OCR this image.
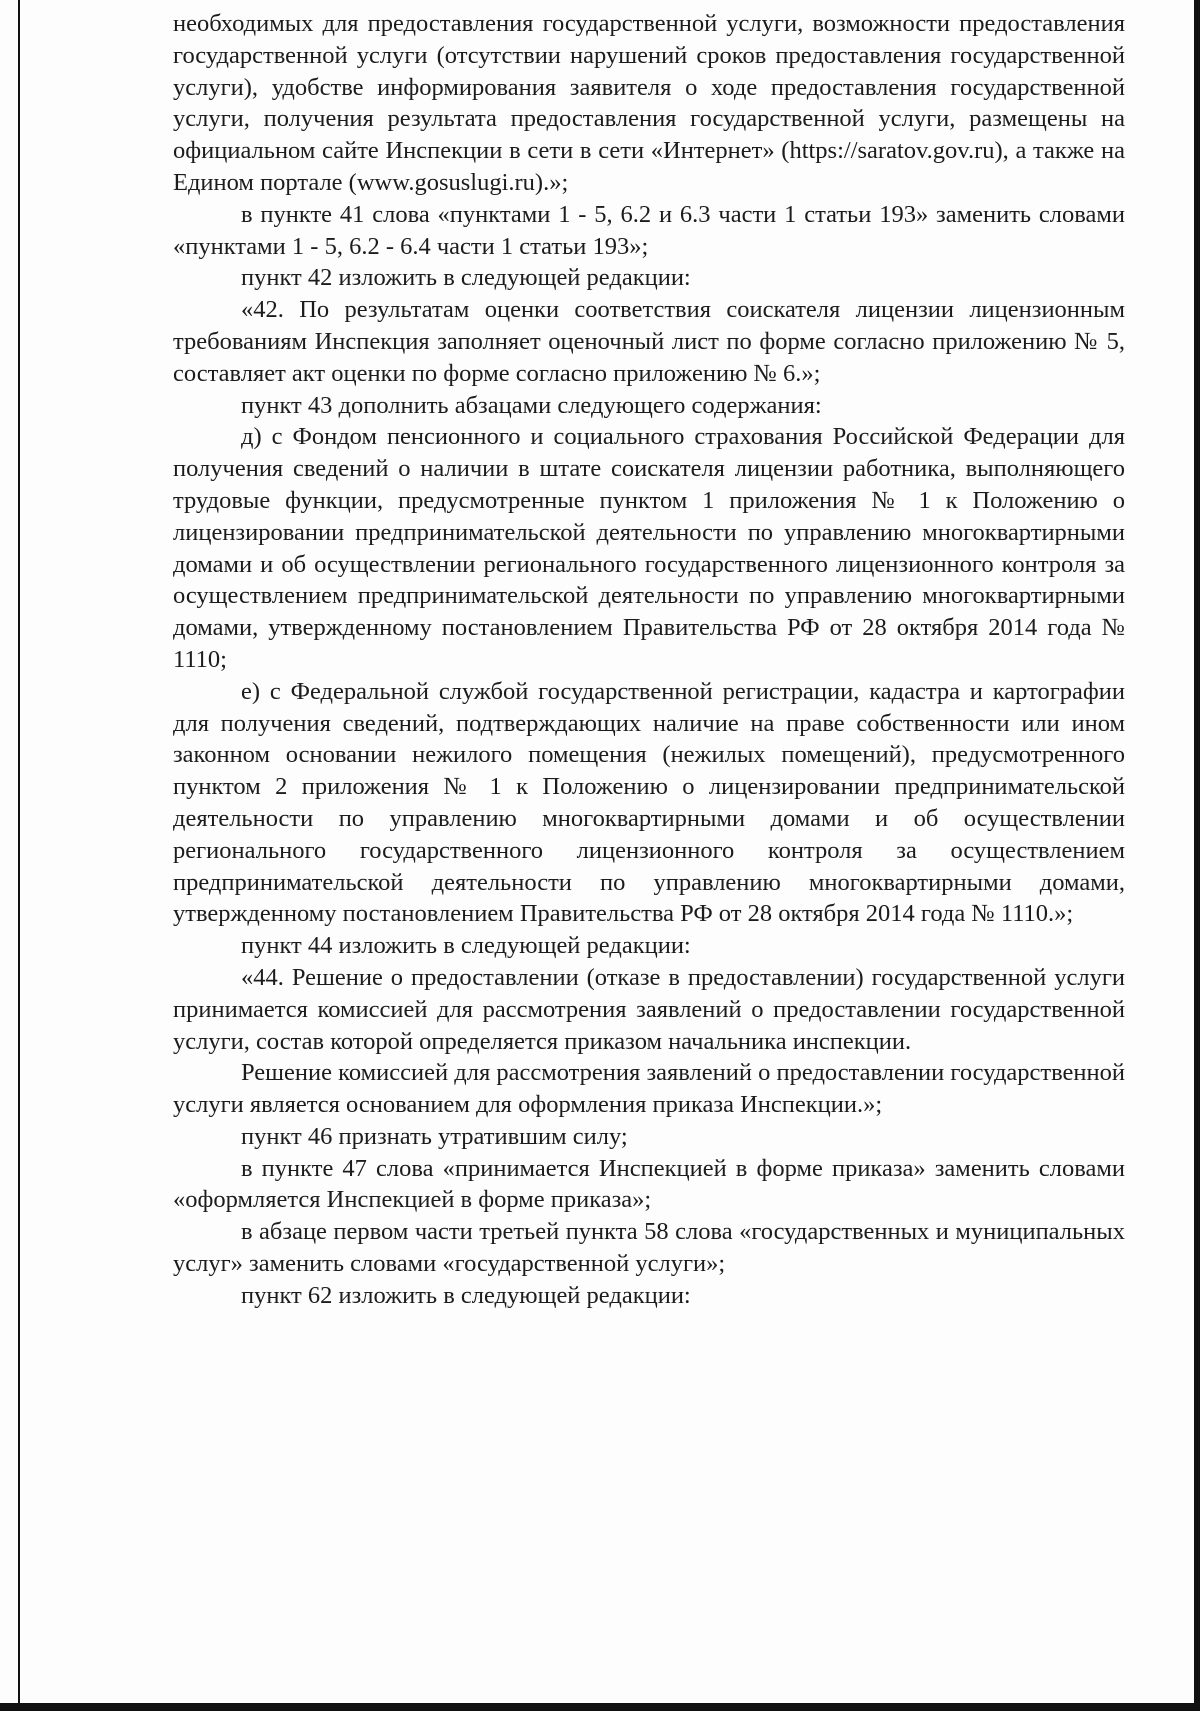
необходимых для предоставления государственной услуги, возможности предоставления государственной услуги (отсутствии нарушений сроков предоставления государственной услуги), удобстве информирования заявителя о ходе предоставления государственной услуги, получения результата предоставления государственной услуги, размещены на официальном сайте Инспекции в сети в сети «Интернет» (https://saratov.gov.ru), а также на Едином портале (www.gosuslugi.ru).»;

в пункте 41 слова «пунктами 1 - 5, 6.2 и 6.3 части 1 статьи 193» заменить словами «пунктами 1 - 5, 6.2 - 6.4 части 1 статьи 193»;

пункт 42 изложить в следующей редакции:

«42. По результатам оценки соответствия соискателя лицензии лицензионным требованиям Инспекция заполняет оценочный лист по форме согласно приложению № 5, составляет акт оценки по форме согласно приложению № 6.»;

пункт 43 дополнить абзацами следующего содержания:

д) с Фондом пенсионного и социального страхования Российской Федерации для получения сведений о наличии в штате соискателя лицензии работника, выполняющего трудовые функции, предусмотренные пунктом 1 приложения № 1 к Положению о лицензировании предпринимательской деятельности по управлению многоквартирными домами и об осуществлении регионального государственного лицензионного контроля за осуществлением предпринимательской деятельности по управлению многоквартирными домами, утвержденному постановлением Правительства РФ от 28 октября 2014 года № 1110;

е) с Федеральной службой государственной регистрации, кадастра и картографии для получения сведений, подтверждающих наличие на праве собственности или ином законном основании нежилого помещения (нежилых помещений), предусмотренного пунктом 2 приложения № 1 к Положению о лицензировании предпринимательской деятельности по управлению многоквартирными домами и об осуществлении регионального государственного лицензионного контроля за осуществлением предпринимательской деятельности по управлению многоквартирными домами, утвержденному постановлением Правительства РФ от 28 октября 2014 года № 1110.»;

пункт 44 изложить в следующей редакции:

«44. Решение о предоставлении (отказе в предоставлении) государственной услуги принимается комиссией для рассмотрения заявлений о предоставлении государственной услуги, состав которой определяется приказом начальника инспекции.

Решение комиссией для рассмотрения заявлений о предоставлении государственной услуги является основанием для оформления приказа Инспекции.»;

пункт 46 признать утратившим силу;

в пункте 47 слова «принимается Инспекцией в форме приказа» заменить словами «оформляется Инспекцией в форме приказа»;

в абзаце первом части третьей пункта 58 слова «государственных и муниципальных услуг» заменить словами «государственной услуги»;

пункт 62 изложить в следующей редакции:
